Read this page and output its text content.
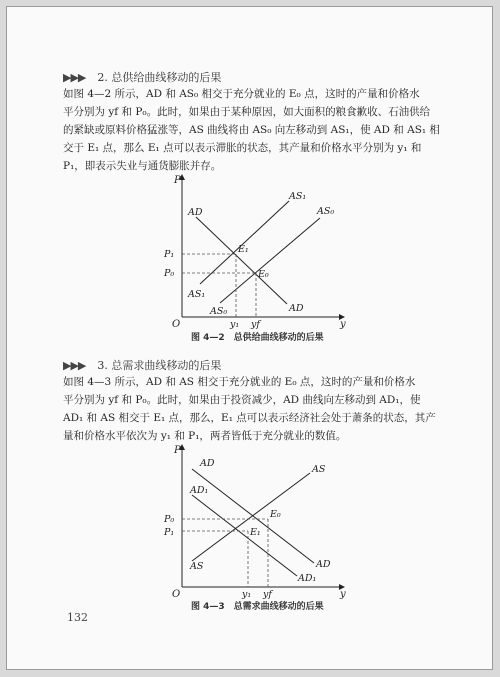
▶▶▶ 2. 总供给曲线移动的后果

如图 4—2 所示，AD 和 AS₀ 相交于充分就业的 E₀ 点，这时的产量和价格水

平分别为 yf 和 P₀。此时，如果由于某种原因，如大面积的粮食歉收、石油供给

的紧缺或原料价格猛涨等，AS 曲线将由 AS₀ 向左移动到 AS₁，使 AD 和 AS₁ 相

交于 E₁ 点，那么 E₁ 点可以表示滞胀的状态，其产量和价格水平分别为 y₁ 和

P₁，即表示失业与通货膨胀并存。

P
O	y
AD
AS₁
AS₀
AS₁
AS₀	AD
P₁
P₀
E₁
E₀
y₁ yf
图 4—2　总供给曲线移动的后果
▶▶▶ 3. 总需求曲线移动的后果

如图 4—3 所示，AD 和 AS 相交于充分就业的 E₀ 点，这时的产量和价格水

平分别为 yf 和 P₀。此时，如果由于投资减少，AD 曲线向左移动到 AD₁，使

AD₁ 和 AS 相交于 E₁ 点，那么，E₁ 点可以表示经济社会处于萧条的状态，其产

量和价格水平依次为 y₁ 和 P₁，两者皆低于充分就业的数值。

P
O	y
AD
AD₁
AS
AS	AD
AD₁
P₀
P₁
E₀
E₁
y₁ yf
图 4—3　总需求曲线移动的后果
132
